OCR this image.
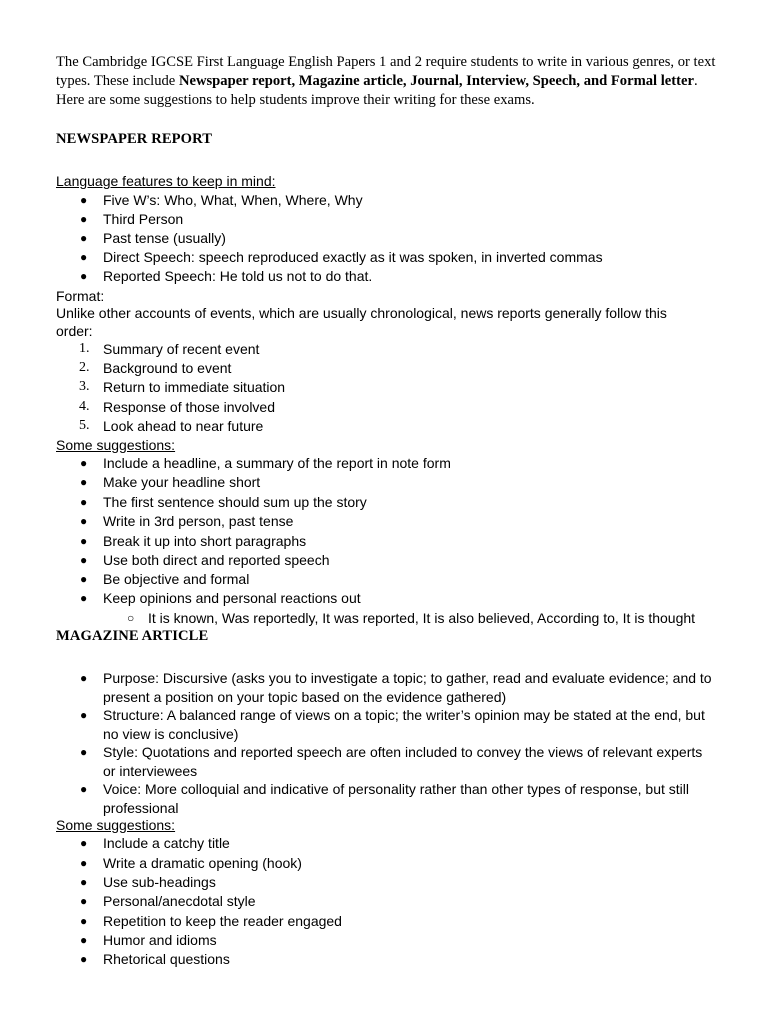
The Cambridge IGCSE First Language English Papers 1 and 2 require students to write in various genres, or text types. These include Newspaper report, Magazine article, Journal, Interview, Speech, and Formal letter. Here are some suggestions to help students improve their writing for these exams.

NEWSPAPER REPORT
Language features to keep in mind:
● Five W’s: Who, What, When, Where, Why
● Third Person
● Past tense (usually)
● Direct Speech: speech reproduced exactly as it was spoken, in inverted commas
● Reported Speech: He told us not to do that.
Format:
Unlike other accounts of events, which are usually chronological, news reports generally follow this
order:
1. Summary of recent event
2. Background to event
3. Return to immediate situation
4. Response of those involved
5. Look ahead to near future
Some suggestions:
● Include a headline, a summary of the report in note form
● Make your headline short
● The first sentence should sum up the story
● Write in 3rd person, past tense
● Break it up into short paragraphs
● Use both direct and reported speech
● Be objective and formal
● Keep opinions and personal reactions out
○ It is known, Was reportedly, It was reported, It is also believed, According to, It is thought
MAGAZINE ARTICLE
● Purpose: Discursive (asks you to investigate a topic; to gather, read and evaluate evidence; and to present a position on your topic based on the evidence gathered)
● Structure: A balanced range of views on a topic; the writer’s opinion may be stated at the end, but no view is conclusive)
● Style: Quotations and reported speech are often included to convey the views of relevant experts or interviewees
● Voice: More colloquial and indicative of personality rather than other types of response, but still professional
Some suggestions:
● Include a catchy title
● Write a dramatic opening (hook)
● Use sub-headings
● Personal/anecdotal style
● Repetition to keep the reader engaged
● Humor and idioms
● Rhetorical questions
